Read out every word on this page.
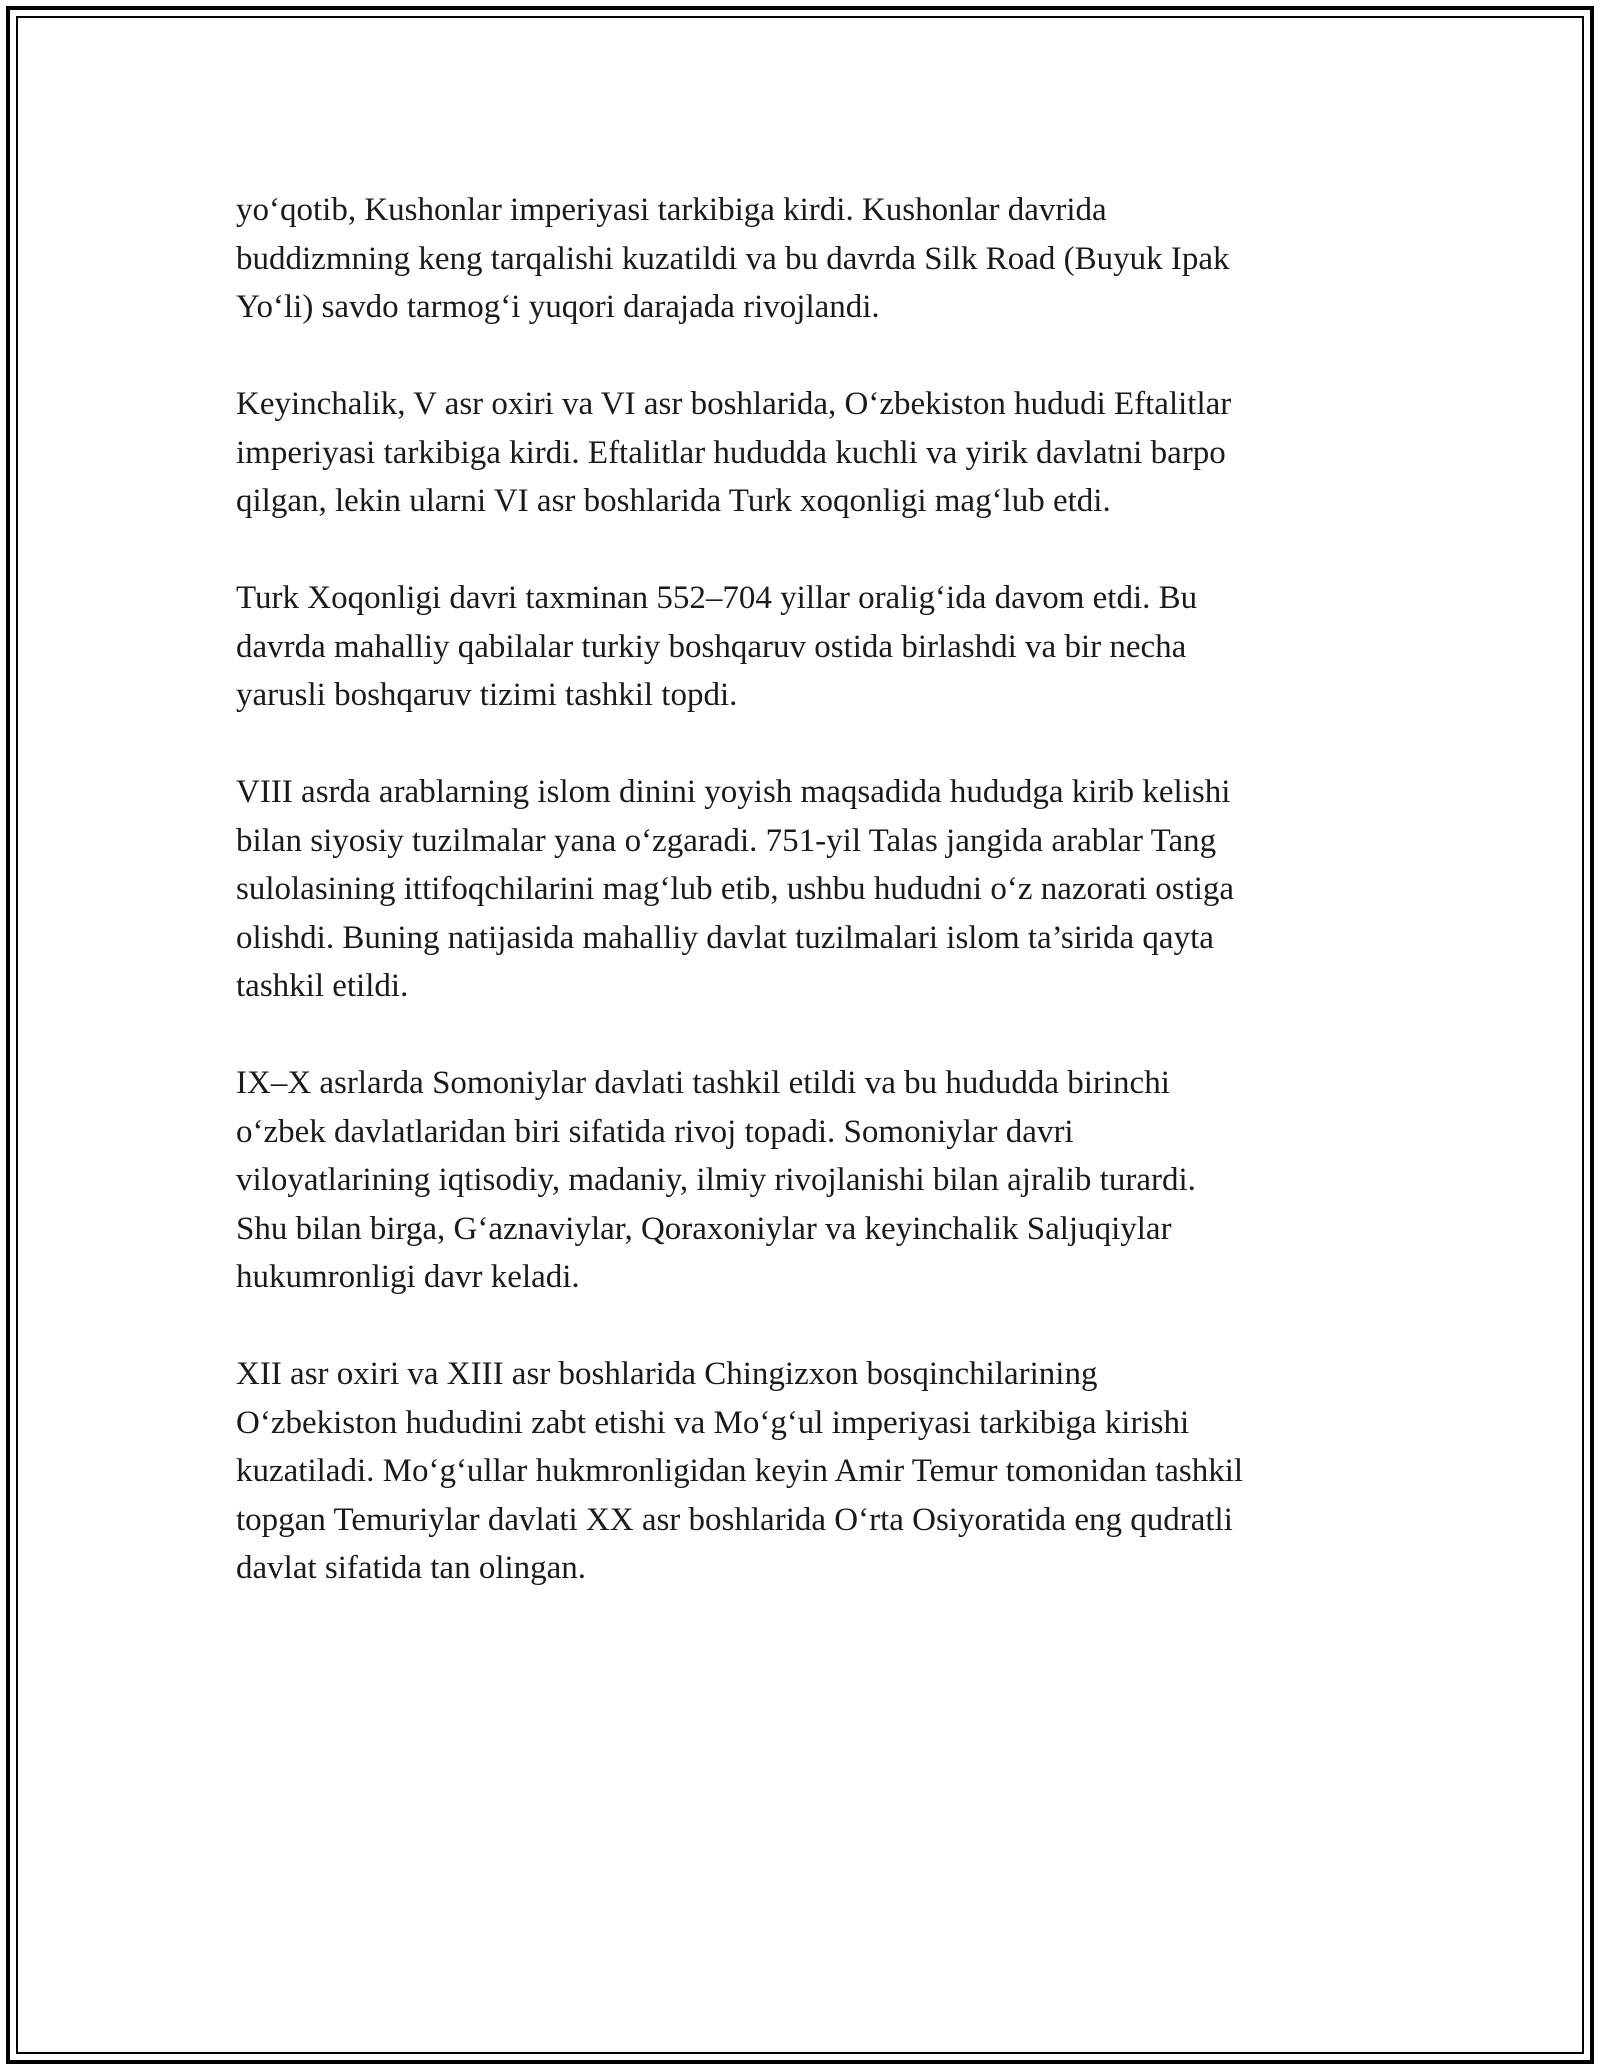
yo‘qotib, Kushonlar imperiyasi tarkibiga kirdi. Kushonlar davrida
buddizmning keng tarqalishi kuzatildi va bu davrda Silk Road (Buyuk Ipak
Yo‘li) savdo tarmog‘i yuqori darajada rivojlandi.

Keyinchalik, V asr oxiri va VI asr boshlarida, O‘zbekiston hududi Eftalitlar
imperiyasi tarkibiga kirdi. Eftalitlar hududda kuchli va yirik davlatni barpo
qilgan, lekin ularni VI asr boshlarida Turk xoqonligi mag‘lub etdi.

Turk Xoqonligi davri taxminan 552–704 yillar oralig‘ida davom etdi. Bu
davrda mahalliy qabilalar turkiy boshqaruv ostida birlashdi va bir necha
yarusli boshqaruv tizimi tashkil topdi.

VIII asrda arablarning islom dinini yoyish maqsadida hududga kirib kelishi
bilan siyosiy tuzilmalar yana o‘zgaradi. 751-yil Talas jangida arablar Tang
sulolasining ittifoqchilarini mag‘lub etib, ushbu hududni o‘z nazorati ostiga
olishdi. Buning natijasida mahalliy davlat tuzilmalari islom ta’sirida qayta
tashkil etildi.

IX–X asrlarda Somoniylar davlati tashkil etildi va bu hududda birinchi
o‘zbek davlatlaridan biri sifatida rivoj topadi. Somoniylar davri
viloyatlarining iqtisodiy, madaniy, ilmiy rivojlanishi bilan ajralib turardi.
Shu bilan birga, G‘aznaviylar, Qoraxoniylar va keyinchalik Saljuqiylar
hukumronligi davr keladi.

XII asr oxiri va XIII asr boshlarida Chingizxon bosqinchilarining
O‘zbekiston hududini zabt etishi va Mo‘g‘ul imperiyasi tarkibiga kirishi
kuzatiladi. Mo‘g‘ullar hukmronligidan keyin Amir Temur tomonidan tashkil
topgan Temuriylar davlati XX asr boshlarida O‘rta Osiyoratida eng qudratli
davlat sifatida tan olingan.
